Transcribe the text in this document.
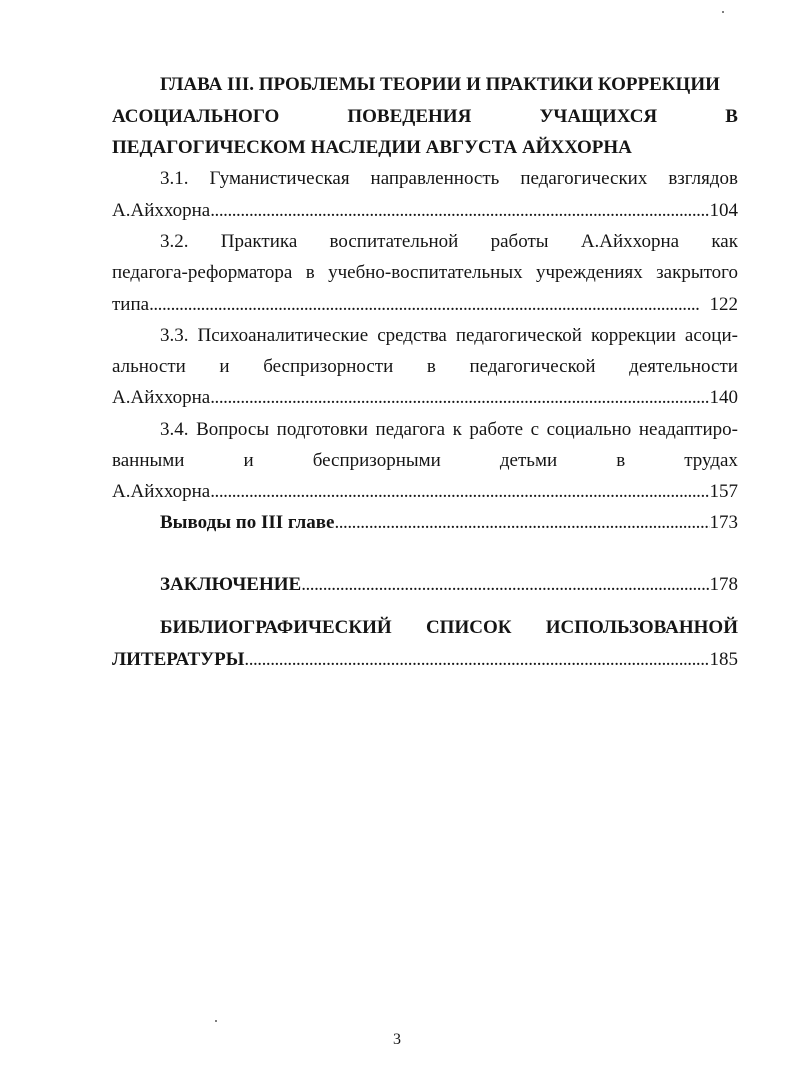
ГЛАВА III. ПРОБЛЕМЫ ТЕОРИИ И ПРАКТИКИ КОРРЕКЦИИ
АСОЦИАЛЬНОГО	ПОВЕДЕНИЯ	УЧАЩИХСЯ	В
ПЕДАГОГИЧЕСКОМ НАСЛЕДИИ АВГУСТА АЙХХОРНА
3.1. Гуманистическая направленность педагогических взглядов
А.Айххорна . . .	104
3.2. Практика воспитательной работы А.Айххорна как
педагога-реформатора в учебно-воспитательных учреждениях закрытого
типа . . .	122
3.3. Психоаналитические средства педагогической коррекции асоци-
альности и беспризорности в педагогической деятельности
А.Айххорна . . .	140
3.4. Вопросы подготовки педагога к работе с социально неадаптиро-
ванными	и	беспризорными	детьми	в	трудах
А.Айххорна . . .	157
Выводы по III главе . . .	173
ЗАКЛЮЧЕНИЕ . . .	178
БИБЛИОГРАФИЧЕСКИЙ СПИСОК ИСПОЛЬЗОВАННОЙ
ЛИТЕРАТУРЫ . . .	185
3
